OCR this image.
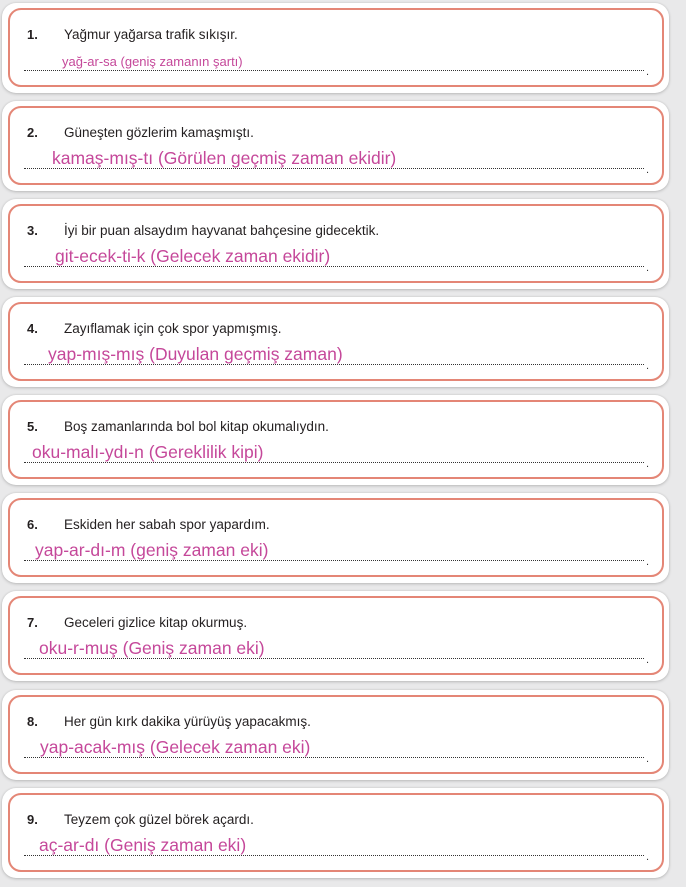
1. Yağmur yağarsa trafik sıkışır.
.
yağ-ar-sa (geniş zamanın şartı)
2. Güneşten gözlerim kamaşmıştı.
.
kamaş-mış-tı (Görülen geçmiş zaman ekidir)
3. İyi bir puan alsaydım hayvanat bahçesine gidecektik.
.
git-ecek-ti-k (Gelecek zaman ekidir)
4. Zayıflamak için çok spor yapmışmış.
.
yap-mış-mış (Duyulan geçmiş zaman)
5. Boş zamanlarında bol bol kitap okumalıydın.
.
oku-malı-ydı-n (Gereklilik kipi)
6. Eskiden her sabah spor yapardım.
.
yap-ar-dı-m (geniş zaman eki)
7. Geceleri gizlice kitap okurmuş.
.
oku-r-muş (Geniş zaman eki)
8. Her gün kırk dakika yürüyüş yapacakmış.
.
yap-acak-mış (Gelecek zaman eki)
9. Teyzem çok güzel börek açardı.
.
aç-ar-dı (Geniş zaman eki)
